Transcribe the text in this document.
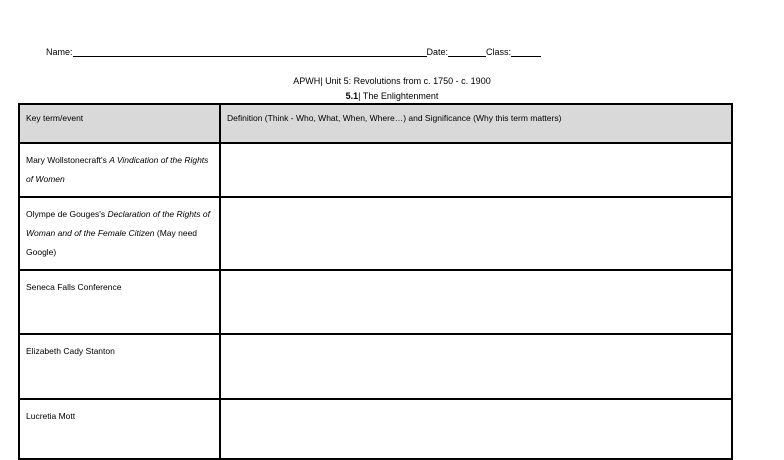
Name:	Date:	Class:
APWH| Unit 5: Revolutions from c. 1750 - c. 1900
5.1| The Enlightenment
Key term/event	Definition (Think - Who, What, When, Where…) and Significance (Why this term matters)
Mary Wollstonecraft's A Vindication of the Rights of Women	
Olympe de Gouges's Declaration of the Rights of Woman and of the Female Citizen (May need Google)	
Seneca Falls Conference	
Elizabeth Cady Stanton	
Lucretia Mott	
